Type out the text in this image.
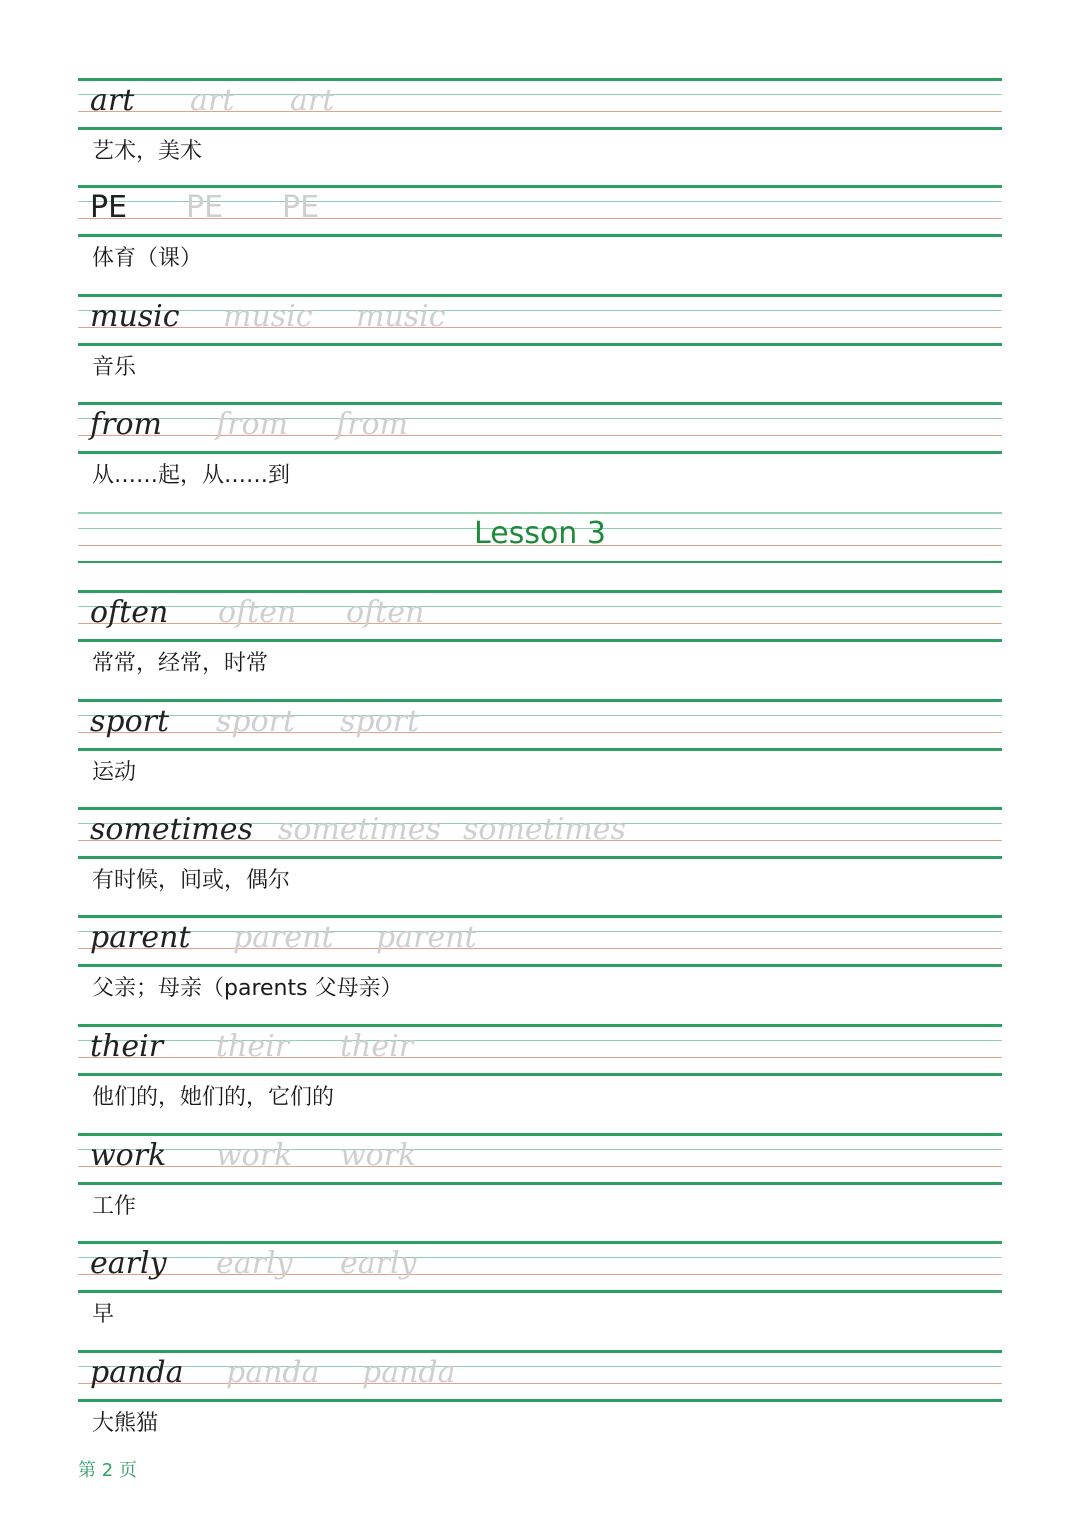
art art art
艺术，美术
PE PE PE
体育（课）
music music music
音乐
from from from
从……起，从……到
Lesson 3
often often often
常常，经常，时常
sport sport sport
运动
sometimes sometimes sometimes
有时候，间或，偶尔
parent parent parent
父亲；母亲（parents 父母亲）
their their their
他们的，她们的，它们的
work work work
工作
early early early
早
panda panda panda
大熊猫
第 2 页
